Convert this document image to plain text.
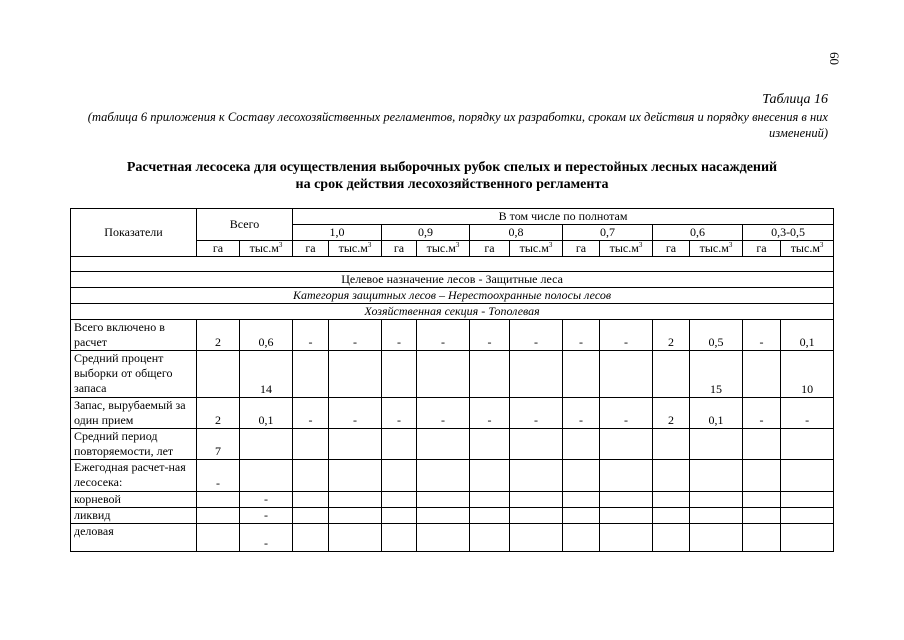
60
Таблица 16
(таблица 6 приложения к Составу лесохозяйственных регламентов, порядку их разработки, срокам их действия и порядку внесения в них изменений)
Расчетная лесосека для осуществления выборочных рубок спелых и перестойных лесных насаждений
на срок действия лесохозяйственного регламента
Показатели	Всего		В том числе по полнотам											
			1,0		0,9		0,8		0,7		0,6		0,3-0,5	
	га	$тыс.м^3$	га	$тыс.м^3$	га	$тыс.м^3$	га	$тыс.м^3$	га	$тыс.м^3$	га	$тыс.м^3$	га	$тыс.м^3$

Целевое назначение лесов - Защитные леса														
Категория защитных лесов – Нерестоохранные полосы лесов														
Хозяйственная секция - Тополевая														
Всего включено в расчет	2	0,6	-	-	-	-	-	-	-	-	2	0,5	-	0,1
Средний процент выборки от общего запаса		14										15		10
Запас, вырубаемый за один прием	2	0,1	-	-	-	-	-	-	-	-	2	0,1	-	-
Средний период повторяемости, лет	7													
Ежегодная расчет-ная лесосека:	-													
корневой		-												
ликвид		-												
деловая		-												
